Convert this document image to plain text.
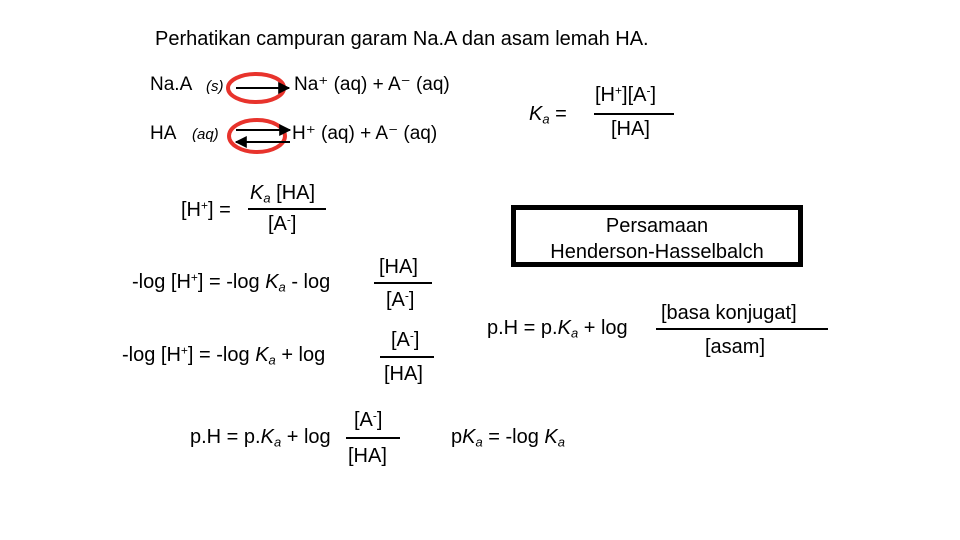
Perhatikan campuran garam Na.A dan asam lemah HA.
Na.A (s)	Na⁺ (aq) + A⁻ (aq)
HA (aq)	H⁺ (aq) + A⁻ (aq)
$K_a$ =
[H+][A-]
[HA]
[H+] =
$K_a$ [HA]
[A-]
-log [H+] = -log $K_a$ - log
[HA]
[A-]
-log [H+] = -log $K_a + \log$
[A-]
[HA]
$p.H = p.K_a + \log$
[A-]
[HA]
$pK_a = -\log$ $K_a$
Persamaan
Henderson-Hasselbalch
$p.H = p.K_a + \log$
[basa konjugat]
[asam]
